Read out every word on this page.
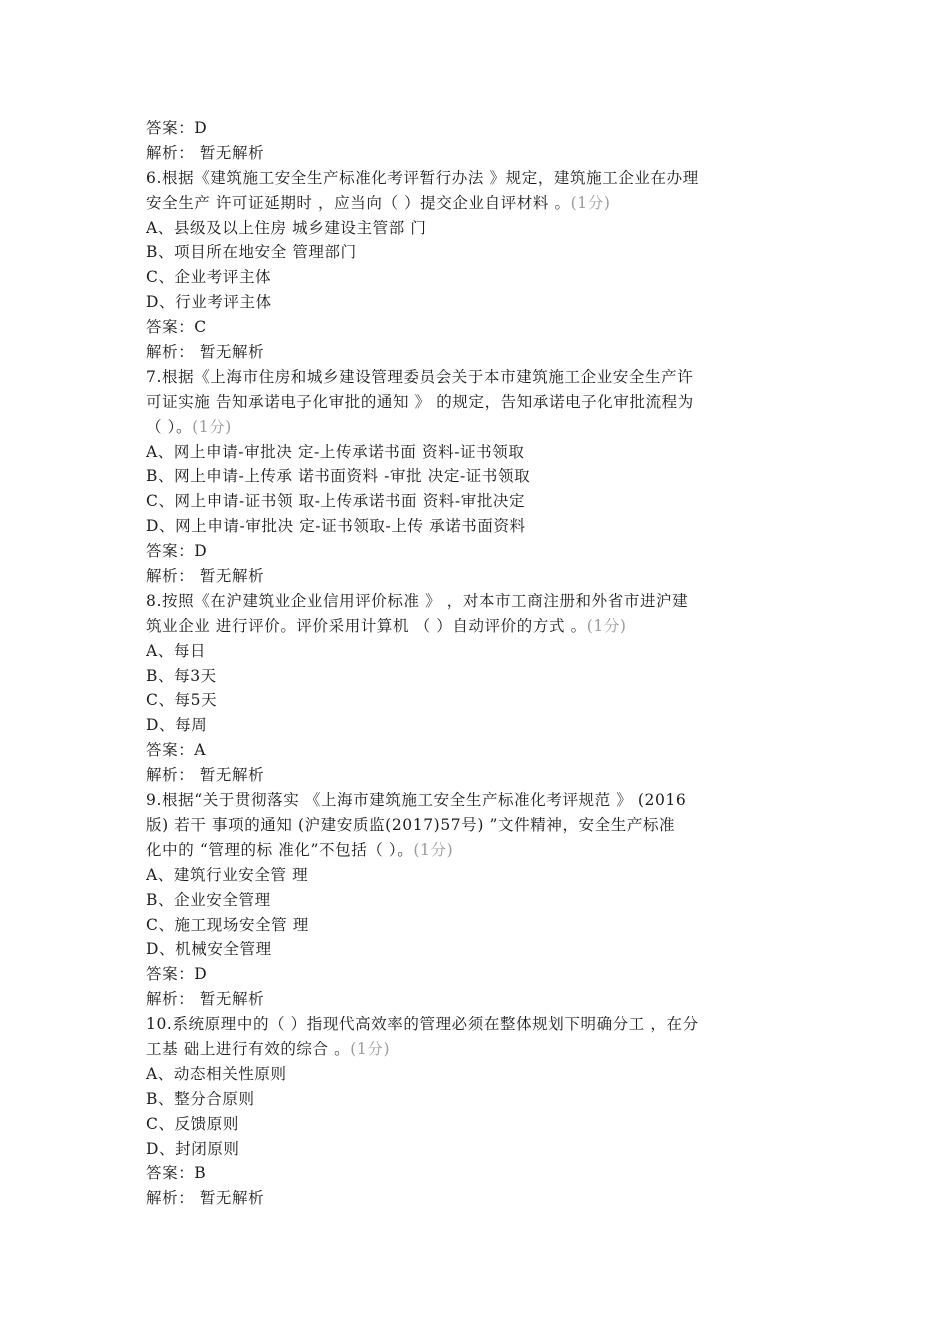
答案：D
解析： 暂无解析
6.根据《建筑施工安全生产标准化考评暂行办法 》规定，建筑施工企业在办理
安全生产 许可证延期时 ，应当向（ ）提交企业自评材料 。(1分)
A、县级及以上住房 城乡建设主管部 门
B、项目所在地安全 管理部门
C、企业考评主体
D、行业考评主体
答案：C
解析： 暂无解析
7.根据《上海市住房和城乡建设管理委员会关于本市建筑施工企业安全生产许
可证实施 告知承诺电子化审批的通知 》 的规定，告知承诺电子化审批流程为
（ ）。(1分)
A、网上申请-审批决 定-上传承诺书面 资料-证书领取
B、网上申请-上传承 诺书面资料 -审批 决定-证书领取
C、网上申请-证书领 取-上传承诺书面 资料-审批决定
D、网上申请-审批决 定-证书领取-上传 承诺书面资料
答案：D
解析： 暂无解析
8.按照《在沪建筑业企业信用评价标准 》 ，对本市工商注册和外省市进沪建
筑业企业 进行评价。评价采用计算机 （ ）自动评价的方式 。(1分)
A、每日
B、每3天
C、每5天
D、每周
答案：A
解析： 暂无解析
9.根据“关于贯彻落实 《上海市建筑施工安全生产标准化考评规范 》 (2016
版) 若干 事项的通知 (沪建安质监(2017)57号) ”文件精神，安全生产标准
化中的 “管理的标 准化”不包括（ ）。(1分)
A、建筑行业安全管 理
B、企业安全管理
C、施工现场安全管 理
D、机械安全管理
答案：D
解析： 暂无解析
10.系统原理中的（ ）指现代高效率的管理必须在整体规划下明确分工 ，在分
工基 础上进行有效的综合 。(1分)
A、动态相关性原则
B、整分合原则
C、反馈原则
D、封闭原则
答案：B
解析： 暂无解析
